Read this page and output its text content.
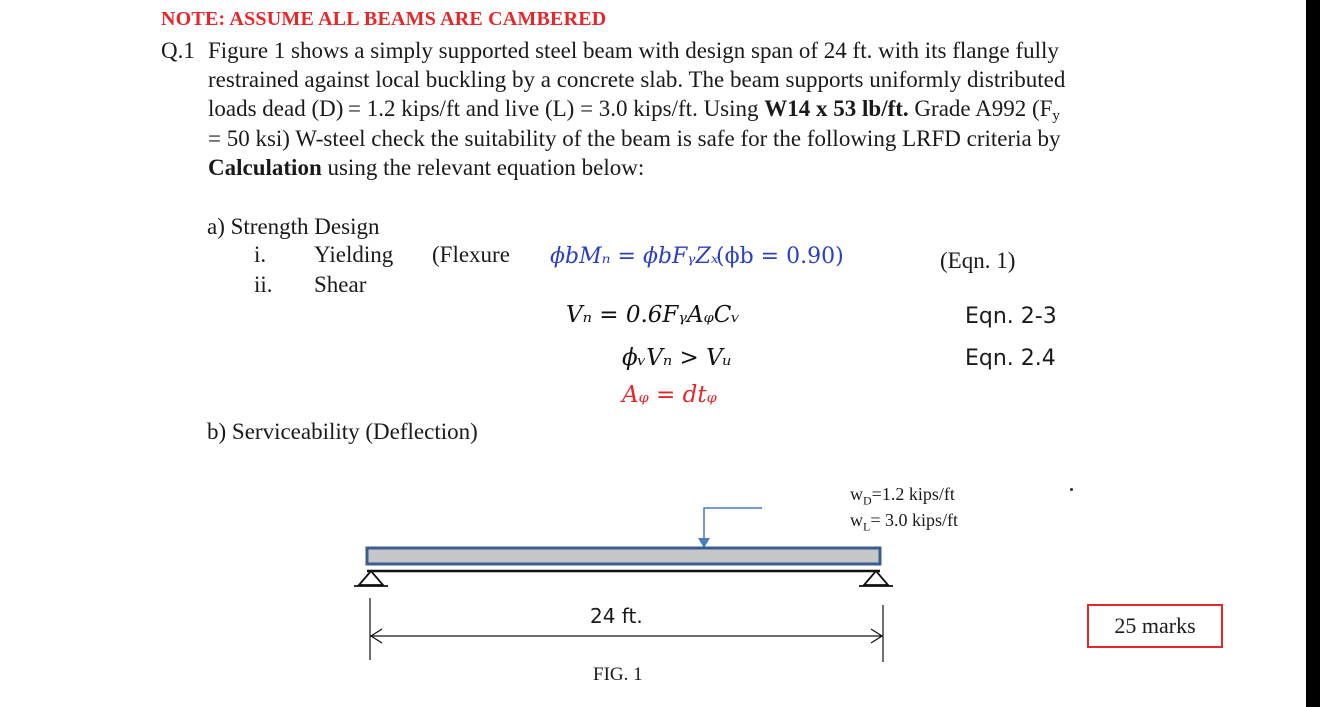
NOTE: ASSUME ALL BEAMS ARE CAMBERED
Q.1 Figure 1 shows a simply supported steel beam with design span of 24 ft. with its flange fully
restrained against local buckling by a concrete slab. The beam supports uniformly distributed
loads dead (D) = 1.2 kips/ft and live (L) = 3.0 kips/ft. Using W14 x 53 lb/ft. Grade A992 (Fy
= 50 ksi) W-steel check the suitability of the beam is safe for the following LRFD criteria by
Calculation using the relevant equation below:
a) Strength Design
i. Yielding (Flexure
ii. Shear
b) Serviceability (Deflection)
ϕbMₙ = ϕbFᵧZₓ
(ϕb = 0.90)	(Eqn. 1)
Vₙ = 0.6FᵧAᵩCᵥ	Eqn. 2-3
ϕᵥVₙ > Vᵤ	Eqn. 2.4
Aᵩ = dtᵩ
$w_D=1.2$ kips/ft
$w_L= 3.0$ kips/ft
24 ft.
FIG. 1
25 marks
